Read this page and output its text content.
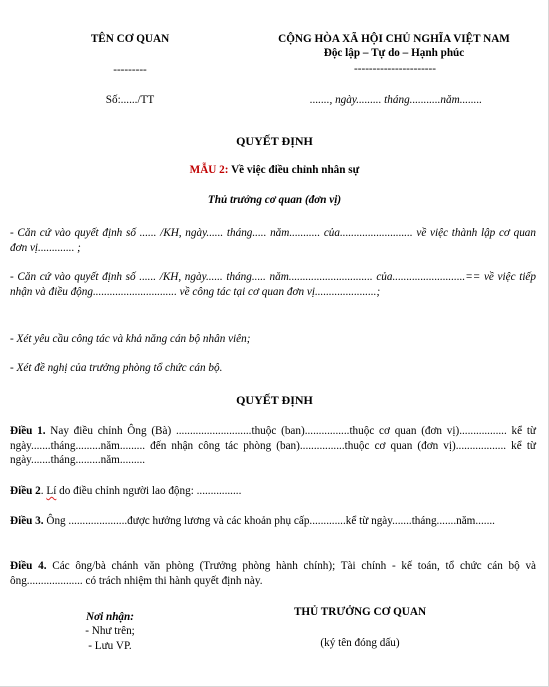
TÊN CƠ QUAN
---------
Số:....../TT
CỘNG HÒA XÃ HỘI CHỦ NGHĨA VIỆT NAM
Độc lập – Tự do – Hạnh phúc
----------------------
......., ngày......... tháng...........năm........
QUYẾT ĐỊNH
MẪU 2: Về việc điều chỉnh nhân sự
Thủ trưởng cơ quan (đơn vị)
- Căn cứ vào quyết định số ...... /KH, ngày...... tháng..... năm........... của.......................... về việc thành lập cơ quan đơn vị............. ;
- Căn cứ vào quyết định số ...... /KH, ngày...... tháng..... năm.............................. của..........................== về việc tiếp nhận và điều động.............................. về công tác tại cơ quan đơn vị......................;
- Xét yêu cầu công tác và khả năng cán bộ nhân viên;
- Xét đề nghị của trưởng phòng tổ chức cán bộ.
QUYẾT ĐỊNH
Điều 1. Nay điều chỉnh Ông (Bà) ...........................thuộc (ban)................thuộc cơ quan (đơn vị)................. kể từ ngày.......tháng.........năm......... đến nhận công tác phòng (ban)................thuộc cơ quan (đơn vị).................. kể từ ngày.......tháng.........năm.........
Điều 2. Lí do điều chỉnh người lao động: ................
Điều 3. Ông .....................được hưởng lương và các khoản phụ cấp.............kể từ ngày.......tháng.......năm.......
Điều 4. Các ông/bà chánh văn phòng (Trưởng phòng hành chính); Tài chính - kế toán, tổ chức cán bộ và ông.................... có trách nhiệm thi hành quyết định này.
Nơi nhận:
- Như trên;
- Lưu VP.
THỦ TRƯỞNG CƠ QUAN
(ký tên đóng dấu)
